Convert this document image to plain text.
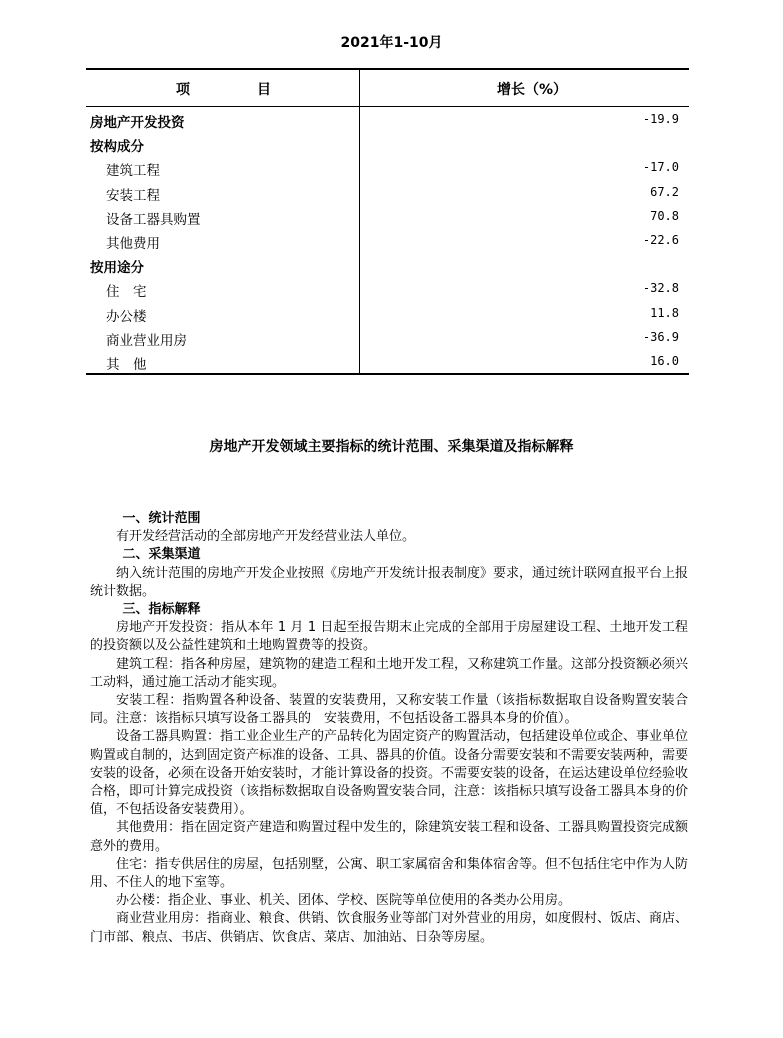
2021年1-10月
项	目	增长（%）
房地产开发投资	-19.9
按构成分
建筑工程	-17.0
安装工程	67.2
设备工器具购置	70.8
其他费用	-22.6
按用途分
住　宅	-32.8
办公楼	11.8
商业营业用房	-36.9
其　他	16.0
房地产开发领域主要指标的统计范围、采集渠道及指标解释

一、统计范围

有开发经营活动的全部房地产开发经营业法人单位。

二、采集渠道

纳入统计范围的房地产开发企业按照《房地产开发统计报表制度》要求，通过统计联网直报平台上报统计数据。

三、指标解释

房地产开发投资：指从本年 1 月 1 日起至报告期末止完成的全部用于房屋建设工程、土地开发工程的投资额以及公益性建筑和土地购置费等的投资。

建筑工程：指各种房屋，建筑物的建造工程和土地开发工程，又称建筑工作量。这部分投资额必须兴工动料，通过施工活动才能实现。

安装工程：指购置各种设备、装置的安装费用，又称安装工作量（该指标数据取自设备购置安装合同。注意：该指标只填写设备工器具的　安装费用，不包括设备工器具本身的价值）。

设备工器具购置：指工业企业生产的产品转化为固定资产的购置活动，包括建设单位或企、事业单位购置或自制的，达到固定资产标准的设备、工具、器具的价值。设备分需要安装和不需要安装两种，需要安装的设备，必须在设备开始安装时，才能计算设备的投资。不需要安装的设备，在运达建设单位经验收合格，即可计算完成投资（该指标数据取自设备购置安装合同，注意：该指标只填写设备工器具本身的价值，不包括设备安装费用）。

其他费用：指在固定资产建造和购置过程中发生的，除建筑安装工程和设备、工器具购置投资完成额意外的费用。

住宅：指专供居住的房屋，包括别墅，公寓、职工家属宿舍和集体宿舍等。但不包括住宅中作为人防用、不住人的地下室等。

办公楼：指企业、事业、机关、团体、学校、医院等单位使用的各类办公用房。

商业营业用房：指商业、粮食、供销、饮食服务业等部门对外营业的用房，如度假村、饭店、商店、门市部、粮点、书店、供销店、饮食店、菜店、加油站、日杂等房屋。
